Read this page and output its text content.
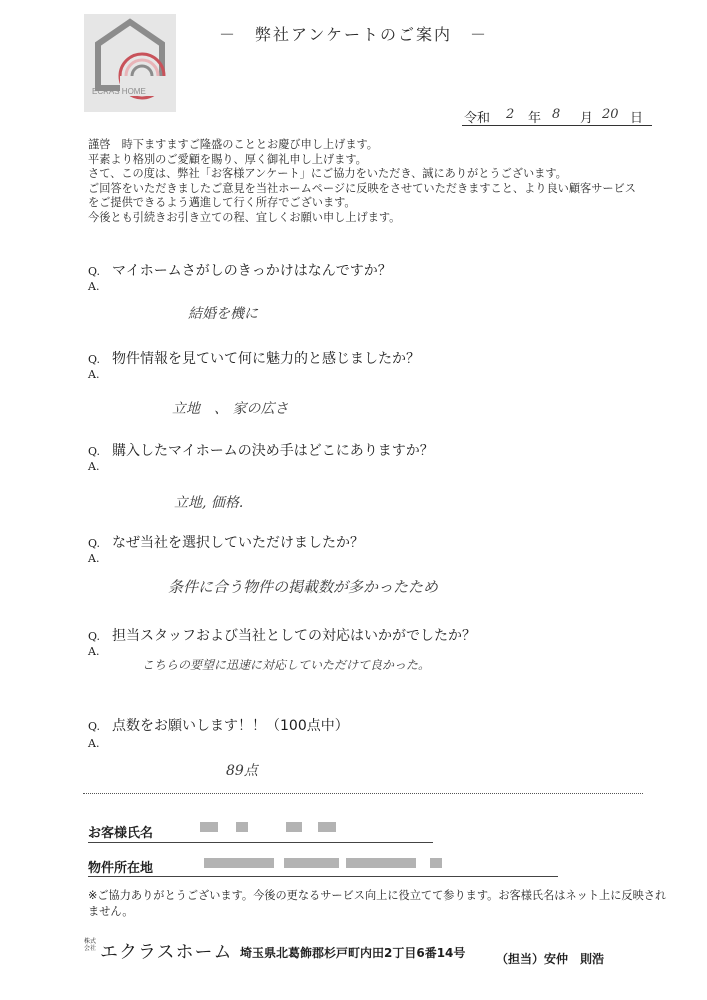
ECRAS HOME
－　弊社アンケートのご案内　－
令和 2 年 8 月 20 日
謹啓　時下ますますご隆盛のこととお慶び申し上げます。
平素より格別のご愛顧を賜り、厚く御礼申し上げます。
さて、この度は、弊社「お客様アンケート」にご協力をいただき、誠にありがとうございます。
ご回答をいただきましたご意見を当社ホームページに反映をさせていただきますこと、より良い顧客サービス
をご提供できるよう邁進して行く所存でございます。
今後とも引続きお引き立ての程、宜しくお願い申し上げます。
Q. マイホームさがしのきっかけはなんですか？
A.
結婚を機に
Q. 物件情報を見ていて何に魅力的と感じましたか？
A.
立地　、 家の広さ
Q. 購入したマイホームの決め手はどこにありますか？
A.
立地, 価格.
Q. なぜ当社を選択していただけましたか？
A.
条件に合う物件の掲載数が多かったため
Q. 担当スタッフおよび当社としての対応はいかがでしたか？
A.
こちらの要望に迅速に対応していただけて良かった。
Q. 点数をお願いします！！（100点中）
A.
89点
お客様氏名
物件所在地
※ご協力ありがとうございます。今後の更なるサービス向上に役立てて参ります。お客様氏名はネット上に反映されません。
株式会社 エクラスホーム 埼玉県北葛飾郡杉戸町内田2丁目6番14号	（担当）安仲　則浩
